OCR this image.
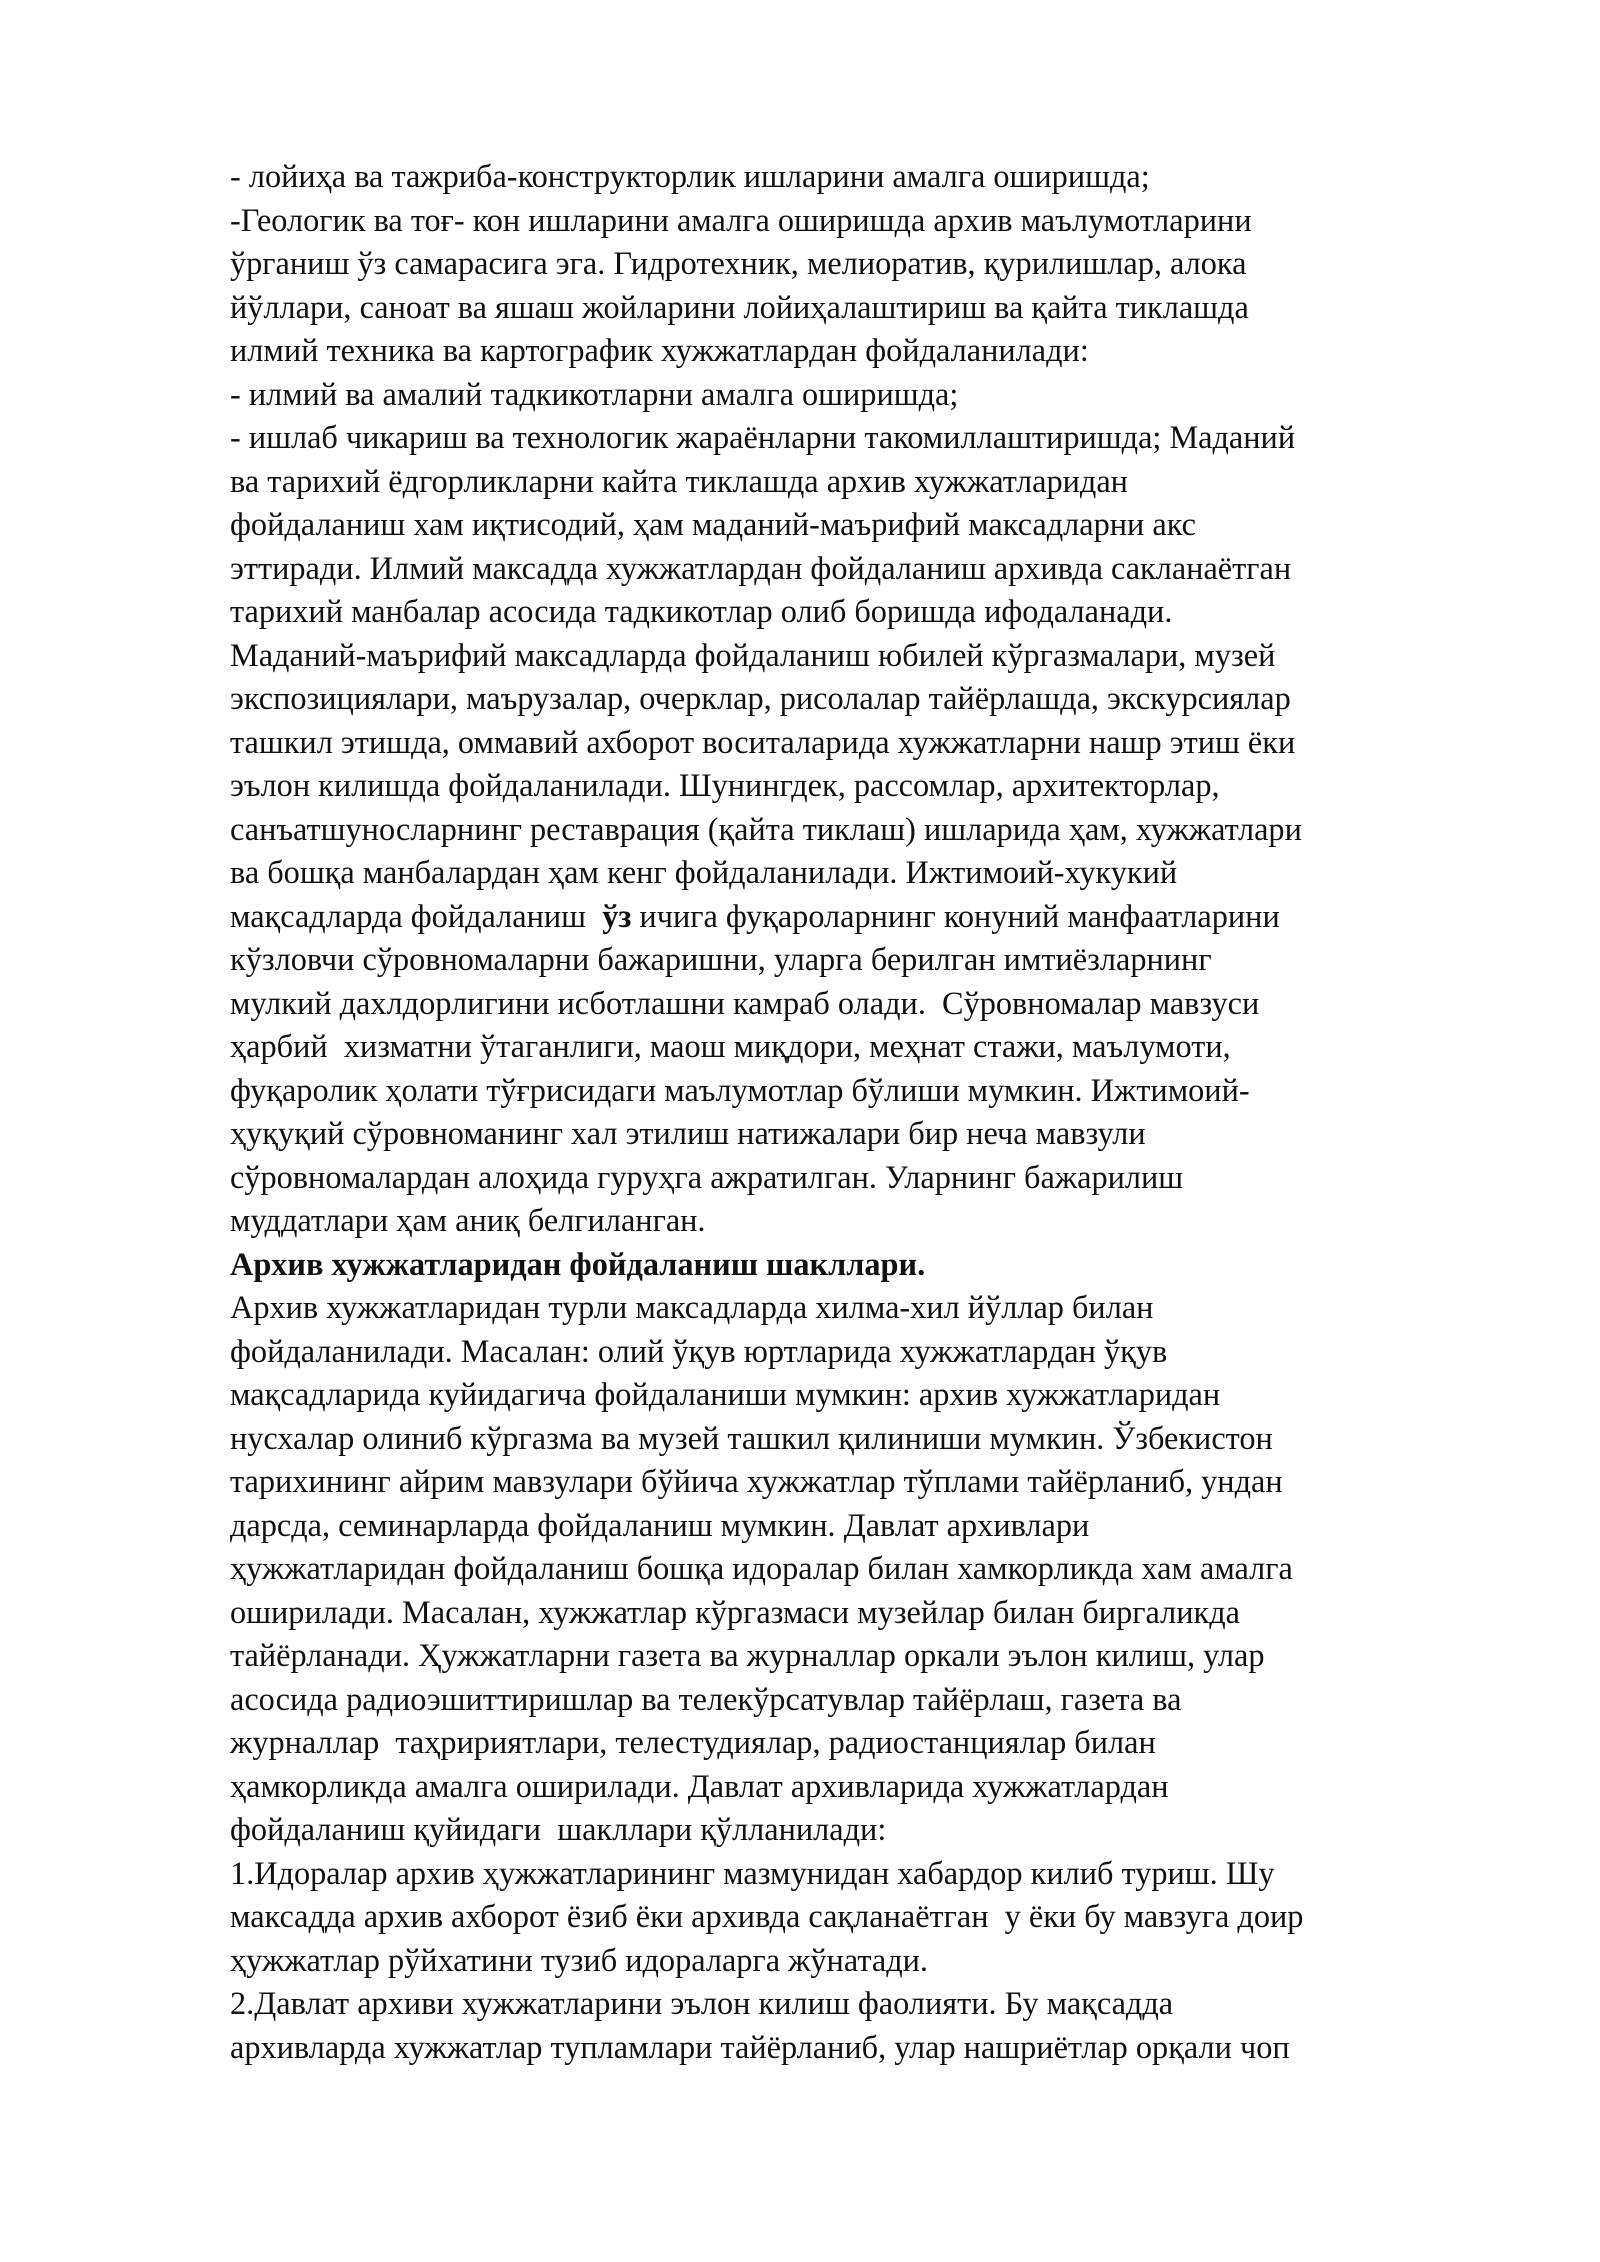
- лойиҳа ва тажриба-конструкторлик ишларини амалга оширишда;
-Геологик ва тоғ- кон ишларини амалга оширишда архив маълумотларини
ўрганиш ўз самарасига эга. Гидротехник, мелиоратив, қурилишлар, алока
йўллари, саноат ва яшаш жойларини лойиҳалаштириш ва қайта тиклашда
илмий техника ва картографик хужжатлардан фойдаланилади:
- илмий ва амалий тадкикотларни амалга оширишда;
- ишлаб чикариш ва технологик жараёнларни такомиллаштиришда; Маданий
ва тарихий ёдгорликларни кайта тиклашда архив хужжатларидан
фойдаланиш хам иқтисодий, ҳам маданий-маърифий максадларни акс
эттиради. Илмий максадда хужжатлардан фойдаланиш архивда сакланаётган
тарихий манбалар асосида тадкикотлар олиб боришда ифодаланади.
Маданий-маърифий максадларда фойдаланиш юбилей кўргазмалари, музей
экспозициялари, маърузалар, очерклар, рисолалар тайёрлашда, экскурсиялар
ташкил этишда, оммавий ахборот воситаларида хужжатларни нашр этиш ёки
эълон килишда фойдаланилади. Шунингдек, рассомлар, архитекторлар,
санъатшуносларнинг реставрация (қайта тиклаш) ишларида ҳам, хужжатлари
ва бошқа манбалардан ҳам кенг фойдаланилади. Ижтимоий-хукукий
мақсадларда фойдаланиш  ўз ичига фуқароларнинг конуний манфаатларини
кўзловчи сўровномаларни бажаришни, уларга берилган имтиёзларнинг
мулкий дахлдорлигини исботлашни камраб олади.  Сўровномалар мавзуси
ҳарбий  хизматни ўтаганлиги, маош миқдори, меҳнат стажи, маълумоти,
фуқаролик ҳолати тўғрисидаги маълумотлар бўлиши мумкин. Ижтимоий-
ҳуқуқий сўровноманинг хал этилиш натижалари бир неча мавзули
сўровномалардан алоҳида гуруҳга ажратилган. Уларнинг бажарилиш
муддатлари ҳам аниқ белгиланган.
Архив хужжатларидан фойдаланиш шакллари.
Архив хужжатларидан турли максадларда хилма-хил йўллар билан
фойдаланилади. Масалан: олий ўқув юртларида хужжатлардан ўқув
мақсадларида куйидагича фойдаланиши мумкин: архив хужжатларидан
нусхалар олиниб кўргазма ва музей ташкил қилиниши мумкин. Ўзбекистон
тарихининг айрим мавзулари бўйича хужжатлар тўплами тайёрланиб, ундан
дарсда, семинарларда фойдаланиш мумкин. Давлат архивлари
ҳужжатларидан фойдаланиш бошқа идоралар билан хамкорликда хам амалга
оширилади. Масалан, хужжатлар кўргазмаси музейлар билан биргаликда
тайёрланади. Ҳужжатларни газета ва журналлар оркали эълон килиш, улар
асосида радиоэшиттиришлар ва телекўрсатувлар тайёрлаш, газета ва
журналлар  таҳририятлари, телестудиялар, радиостанциялар билан
ҳамкорликда амалга оширилади. Давлат архивларида хужжатлардан
фойдаланиш қуйидаги  шакллари қўлланилади:
1.Идоралар архив ҳужжатларининг мазмунидан хабардор килиб туриш. Шу
максадда архив ахборот ёзиб ёки архивда сақланаётган  у ёки бу мавзуга доир
ҳужжатлар рўйхатини тузиб идораларга жўнатади.
2.Давлат архиви хужжатларини эълон килиш фаолияти. Бу мақсадда
архивларда хужжатлар тупламлари тайёрланиб, улар нашриётлар орқали чоп
